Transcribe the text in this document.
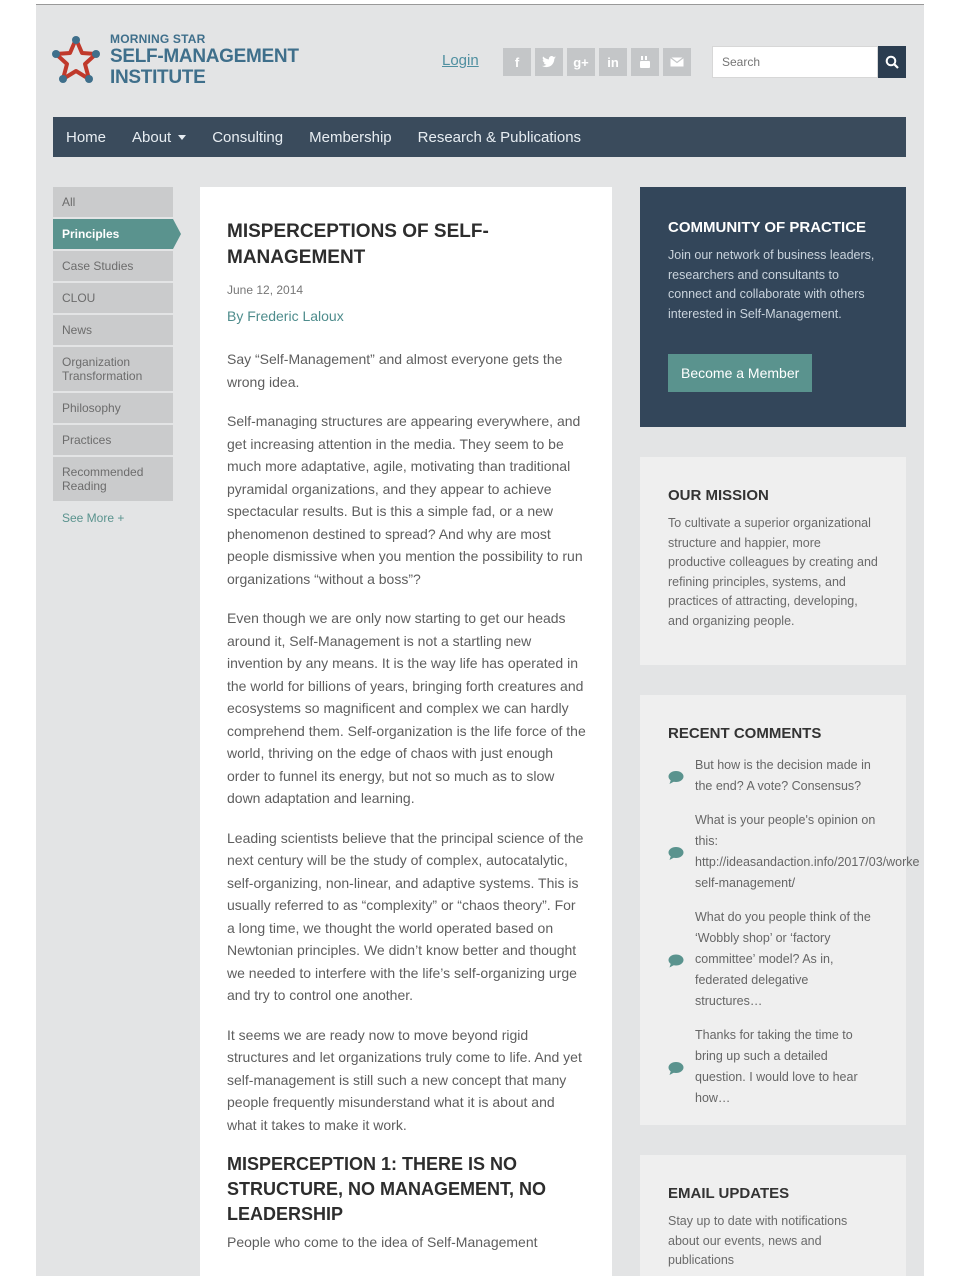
MORNING STAR
SELF-MANAGEMENT
INSTITUTE
Login	f	g+	in
Search
Home About	Consulting Membership Research & Publications
All
Principles
Case Studies
CLOU
News
Organization Transformation
Philosophy
Practices
Recommended Reading
See More +
MISPERCEPTIONS OF SELF-MANAGEMENT
June 12, 2014
By Frederic Laloux

Say “Self-Management” and almost everyone gets the wrong idea.

Self-managing structures are appearing everywhere, and get increasing attention in the media. They seem to be much more adaptative, agile, motivating than traditional pyramidal organizations, and they appear to achieve spectacular results. But is this a simple fad, or a new phenomenon destined to spread? And why are most people dismissive when you mention the possibility to run organizations “without a boss”?

Even though we are only now starting to get our heads around it, Self-Management is not a startling new invention by any means. It is the way life has operated in the world for billions of years, bringing forth creatures and ecosystems so magnificent and complex we can hardly comprehend them. Self-organization is the life force of the world, thriving on the edge of chaos with just enough order to funnel its energy, but not so much as to slow down adaptation and learning.

Leading scientists believe that the principal science of the next century will be the study of complex, autocatalytic, self-organizing, non-linear, and adaptive systems. This is usually referred to as “complexity” or “chaos theory”. For a long time, we thought the world operated based on Newtonian principles. We didn’t know better and thought we needed to interfere with the life’s self-organizing urge and try to control one another.

It seems we are ready now to move beyond rigid structures and let organizations truly come to life. And yet self-management is still such a new concept that many people frequently misunderstand what it is about and what it takes to make it work.

MISPERCEPTION 1: THERE IS NO STRUCTURE, NO MANAGEMENT, NO LEADERSHIP

People who come to the idea of Self-Management

COMMUNITY OF PRACTICE
Join our network of business leaders, researchers and consultants to connect and collaborate with others interested in Self-Management.
Become a Member
OUR MISSION
To cultivate a superior organizational structure and happier, more productive colleagues by creating and refining principles, systems, and practices of attracting, developing, and organizing people.
RECENT COMMENTS
But how is the decision made in
the end? A vote? Consensus?
What is your people's opinion on
this:
http://ideasandaction.info/2017/03/worke
self-management/
What do you people think of the
‘Wobbly shop’ or ‘factory
committee’ model? As in,
federated delegative structures…
Thanks for taking the time to
bring up such a detailed
question. I would love to hear
how…
EMAIL UPDATES
Stay up to date with notifications about our events, news and publications
